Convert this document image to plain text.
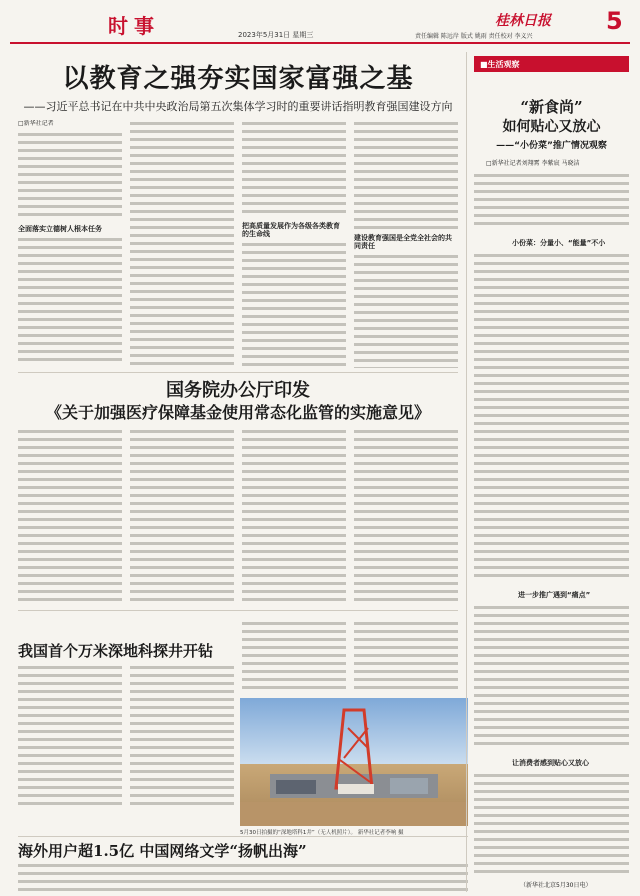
时事	2023年5月31日 星期三
桂林日报 5
责任编辑 陈远岸 版式 姚雨 责任校对 李义兴
以教育之强夯实国家富强之基
——习近平总书记在中共中央政治局第五次集体学习时的重要讲话指明教育强国建设方向
□新华社记者
全面落实立德树人根本任务	把高质量发展作为各级各类教育的生命线	建设教育强国是全党全社会的共同责任
国务院办公厅印发
《关于加强医疗保障基金使用常态化监管的实施意见》
我国首个万米深地科探井开钻
5月30日拍摄的“深地塔科1井”（无人机照片）。 新华社记者李响 摄
海外用户超1.5亿 中国网络文学“扬帆出海”
■生活观察
“新食尚”
如何贴心又放心
——“小份菜”推广情况观察
□新华社记者刘翔霄 李紫宸 马晓洁
小份菜：分量小、“能量”不小
进一步推广遇到“痛点”
让消费者感到贴心又放心
（新华社北京5月30日电）
